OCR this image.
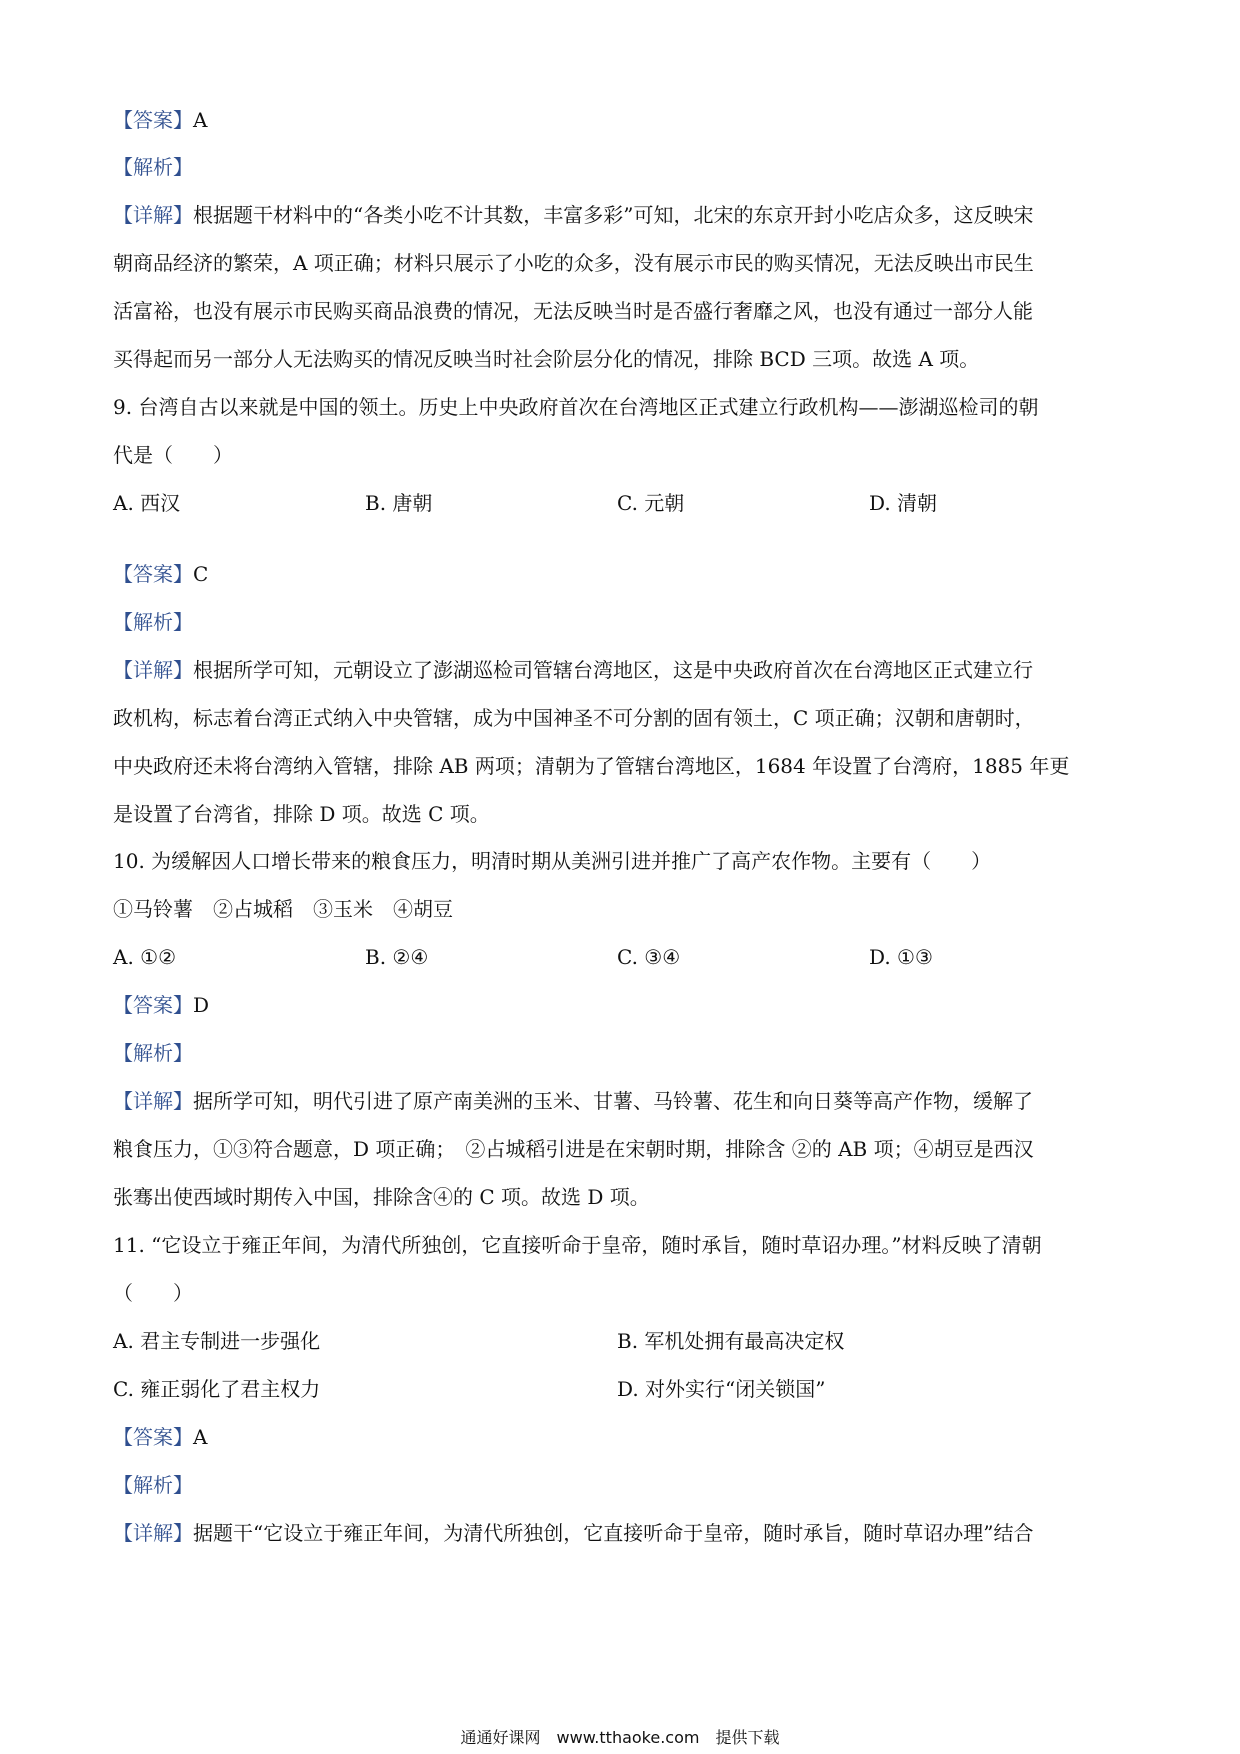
【答案】A
【解析】
【详解】根据题干材料中的“各类小吃不计其数，丰富多彩”可知，北宋的东京开封小吃店众多，这反映宋
朝商品经济的繁荣，A 项正确；材料只展示了小吃的众多，没有展示市民的购买情况，无法反映出市民生
活富裕，也没有展示市民购买商品浪费的情况，无法反映当时是否盛行奢靡之风，也没有通过一部分人能
买得起而另一部分人无法购买的情况反映当时社会阶层分化的情况，排除 BCD 三项。故选 A 项。
9. 台湾自古以来就是中国的领土。历史上中央政府首次在台湾地区正式建立行政机构——澎湖巡检司的朝
代是（　　）
A. 西汉	B. 唐朝	C. 元朝	D. 清朝
【答案】C
【解析】
【详解】根据所学可知，元朝设立了澎湖巡检司管辖台湾地区，这是中央政府首次在台湾地区正式建立行
政机构，标志着台湾正式纳入中央管辖，成为中国神圣不可分割的固有领土，C 项正确；汉朝和唐朝时，
中央政府还未将台湾纳入管辖，排除 AB 两项；清朝为了管辖台湾地区，1684 年设置了台湾府，1885 年更
是设置了台湾省，排除 D 项。故选 C 项。
10. 为缓解因人口增长带来的粮食压力，明清时期从美洲引进并推广了高产农作物。主要有（　　）
①马铃薯　②占城稻　③玉米　④胡豆
A. ①②	B. ②④	C. ③④	D. ①③
【答案】D
【解析】
【详解】据所学可知，明代引进了原产南美洲的玉米、甘薯、马铃薯、花生和向日葵等高产作物，缓解了
粮食压力，①③符合题意，D 项正确；　②占城稻引进是在宋朝时期，排除含 ②的 AB 项；④胡豆是西汉
张骞出使西域时期传入中国，排除含④的 C 项。故选 D 项。
11. “它设立于雍正年间，为清代所独创，它直接听命于皇帝，随时承旨，随时草诏办理。”材料反映了清朝
（　　）
A. 君主专制进一步强化	B. 军机处拥有最高决定权
C. 雍正弱化了君主权力	D. 对外实行“闭关锁国”
【答案】A
【解析】
【详解】据题干“它设立于雍正年间，为清代所独创，它直接听命于皇帝，随时承旨，随时草诏办理”结合
通通好课网　www.tthaoke.com　提供下载
